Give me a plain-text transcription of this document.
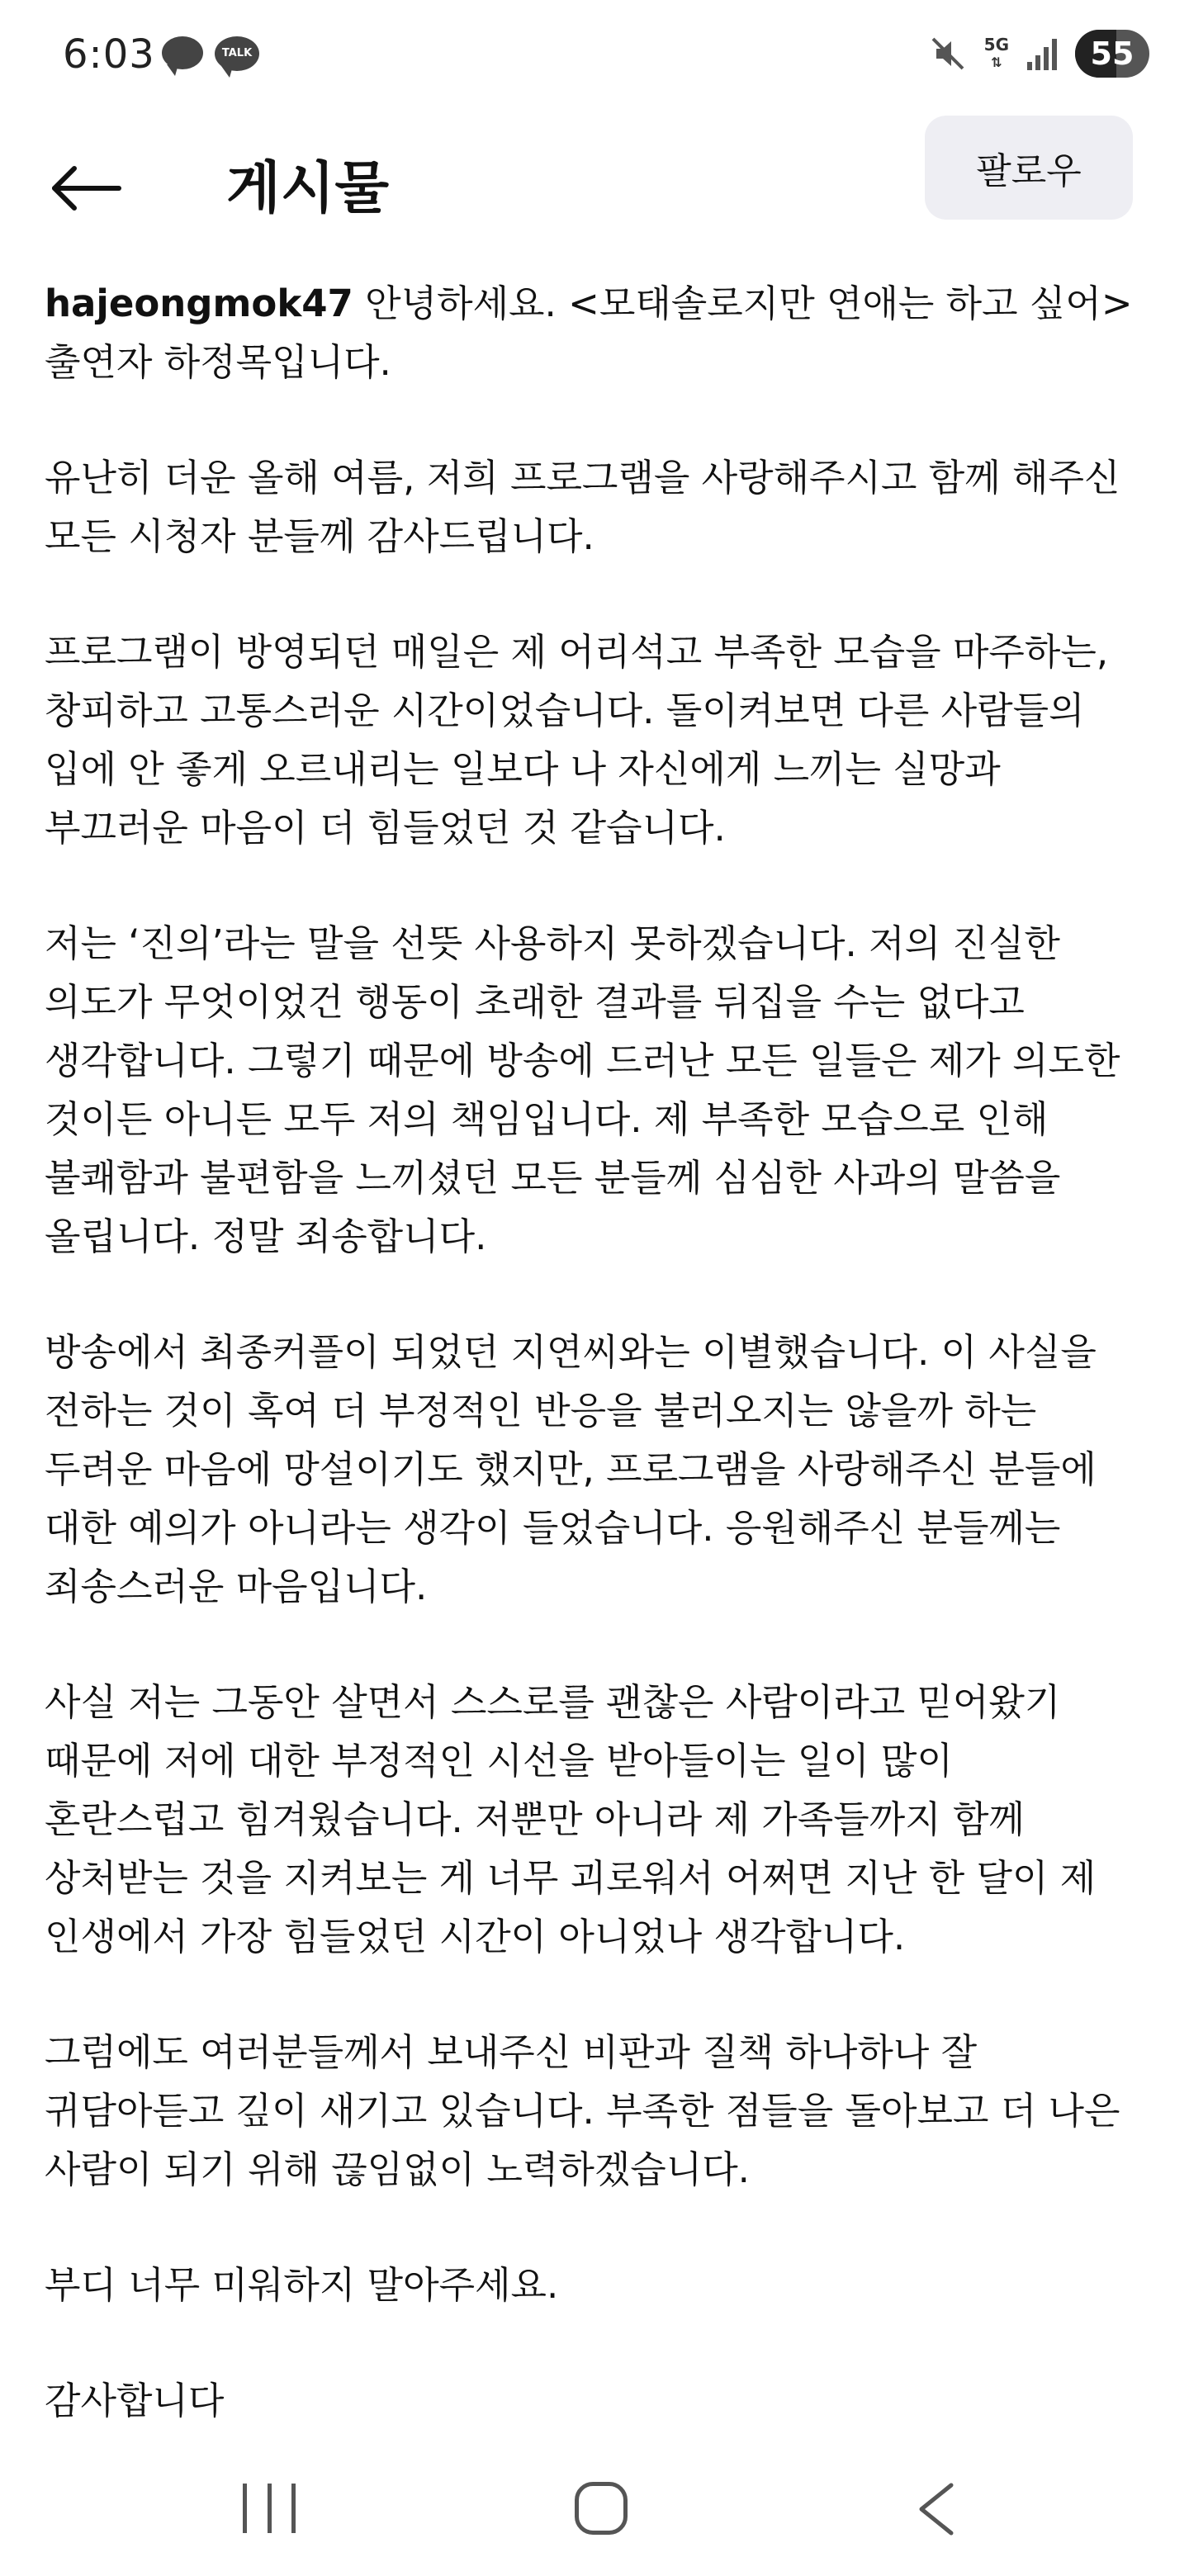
6:03	TALK	5G
⇅	55
게시물	팔로우

hajeongmok47 안녕하세요. <모태솔로지만 연애는 하고 싶어>
출연자 하정목입니다.

유난히 더운 올해 여름, 저희 프로그램을 사랑해주시고 함께 해주신
모든 시청자 분들께 감사드립니다.

프로그램이 방영되던 매일은 제 어리석고 부족한 모습을 마주하는,
창피하고 고통스러운 시간이었습니다. 돌이켜보면 다른 사람들의
입에 안 좋게 오르내리는 일보다 나 자신에게 느끼는 실망과
부끄러운 마음이 더 힘들었던 것 같습니다.

저는 ‘진의’라는 말을 선뜻 사용하지 못하겠습니다. 저의 진실한
의도가 무엇이었건 행동이 초래한 결과를 뒤집을 수는 없다고
생각합니다. 그렇기 때문에 방송에 드러난 모든 일들은 제가 의도한
것이든 아니든 모두 저의 책임입니다. 제 부족한 모습으로 인해
불쾌함과 불편함을 느끼셨던 모든 분들께 심심한 사과의 말씀을
올립니다. 정말 죄송합니다.

방송에서 최종커플이 되었던 지연씨와는 이별했습니다. 이 사실을
전하는 것이 혹여 더 부정적인 반응을 불러오지는 않을까 하는
두려운 마음에 망설이기도 했지만, 프로그램을 사랑해주신 분들에
대한 예의가 아니라는 생각이 들었습니다. 응원해주신 분들께는
죄송스러운 마음입니다.

사실 저는 그동안 살면서 스스로를 괜찮은 사람이라고 믿어왔기
때문에 저에 대한 부정적인 시선을 받아들이는 일이 많이
혼란스럽고 힘겨웠습니다. 저뿐만 아니라 제 가족들까지 함께
상처받는 것을 지켜보는 게 너무 괴로워서 어쩌면 지난 한 달이 제
인생에서 가장 힘들었던 시간이 아니었나 생각합니다.

그럼에도 여러분들께서 보내주신 비판과 질책 하나하나 잘
귀담아듣고 깊이 새기고 있습니다. 부족한 점들을 돌아보고 더 나은
사람이 되기 위해 끊임없이 노력하겠습니다.

부디 너무 미워하지 말아주세요.

감사합니다
